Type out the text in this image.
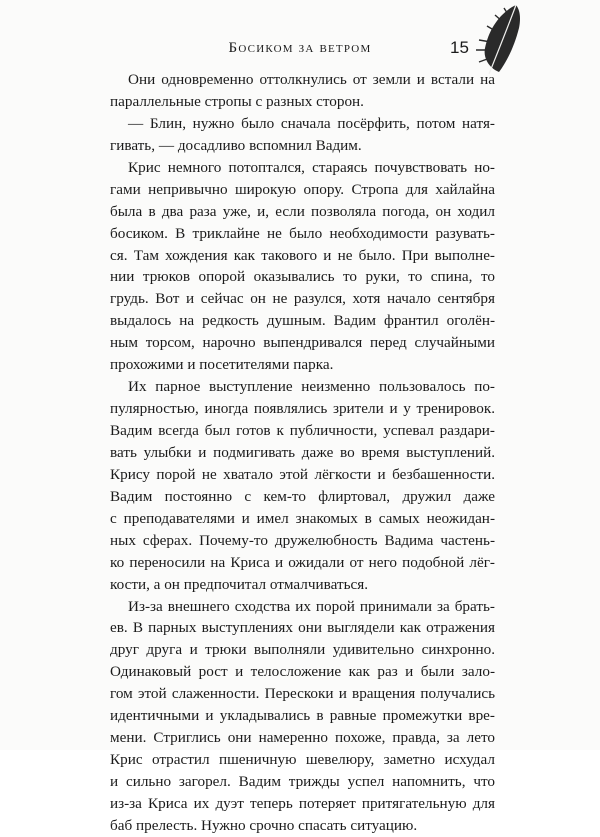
Босиком за ветром	15
Они одновременно оттолкнулись от земли и встали на
параллельные стропы с разных сторон.
— Блин, нужно было сначала посёрфить, потом натя-
гивать, — досадливо вспомнил Вадим.
Крис немного потоптался, стараясь почувствовать но-
гами непривычно широкую опору. Стропа для хайлайна
была в два раза уже, и, если позволяла погода, он ходил
босиком. В триклайне не было необходимости разувать-
ся. Там хождения как такового и не было. При выполне-
нии трюков опорой оказывались то руки, то спина, то
грудь. Вот и сейчас он не разулся, хотя начало сентября
выдалось на редкость душным. Вадим франтил оголён-
ным торсом, нарочно выпендривался перед случайными
прохожими и посетителями парка.
Их парное выступление неизменно пользовалось по-
пулярностью, иногда появлялись зрители и у тренировок.
Вадим всегда был готов к публичности, успевал раздари-
вать улыбки и подмигивать даже во время выступлений.
Крису порой не хватало этой лёгкости и безбашенности.
Вадим постоянно с кем-то флиртовал, дружил даже
с преподавателями и имел знакомых в самых неожидан-
ных сферах. Почему-то дружелюбность Вадима частень-
ко переносили на Криса и ожидали от него подобной лёг-
кости, а он предпочитал отмалчиваться.
Из-за внешнего сходства их порой принимали за брать-
ев. В парных выступлениях они выглядели как отражения
друг друга и трюки выполняли удивительно синхронно.
Одинаковый рост и телосложение как раз и были зало-
гом этой слаженности. Перескоки и вращения получались
идентичными и укладывались в равные промежутки вре-
мени. Стриглись они намеренно похоже, правда, за лето
Крис отрастил пшеничную шевелюру, заметно исхудал
и сильно загорел. Вадим трижды успел напомнить, что
из-за Криса их дуэт теперь потеряет притягательную для
баб прелесть. Нужно срочно спасать ситуацию.
